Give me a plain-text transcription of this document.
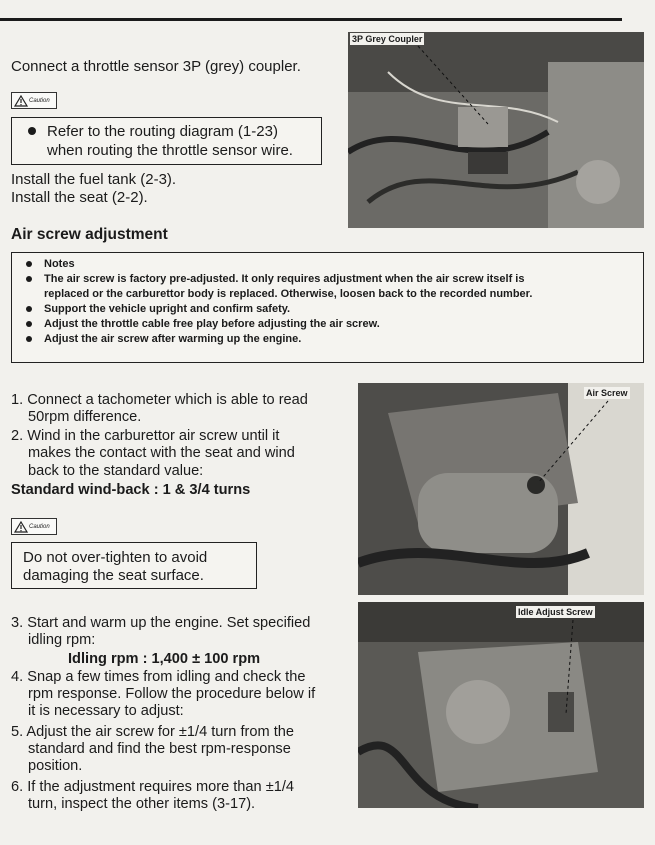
Connect a throttle sensor 3P (grey) coupler.
Caution
Refer to the routing diagram (1-23)
when routing the throttle sensor wire.
Install the fuel tank (2-3).
Install the seat (2-2).
3P Grey Coupler
Air screw adjustment
Notes
The air screw is factory pre-adjusted. It only requires adjustment when the air screw itself is
replaced or the carburettor body is replaced. Otherwise, loosen back to the recorded number.
Support the vehicle upright and confirm safety.
Adjust the throttle cable free play before adjusting the air screw.
Adjust the air screw after warming up the engine.
1. Connect a tachometer which is able to read
50rpm difference.
2. Wind in the carburettor air screw until it
makes the contact with the seat and wind
back to the standard value:
Standard wind-back : 1 & 3/4 turns
Caution
Do not over-tighten to avoid
damaging the seat surface.
Air Screw
3. Start and warm up the engine. Set specified
idling rpm:
Idling rpm : 1,400 ± 100 rpm
4. Snap a few times from idling and check the
rpm response. Follow the procedure below if
it is necessary to adjust:
5. Adjust the air screw for ±1/4 turn from the
standard and find the best rpm-response
position.
6. If the adjustment requires more than ±1/4
turn, inspect the other items (3-17).
Idle Adjust Screw
